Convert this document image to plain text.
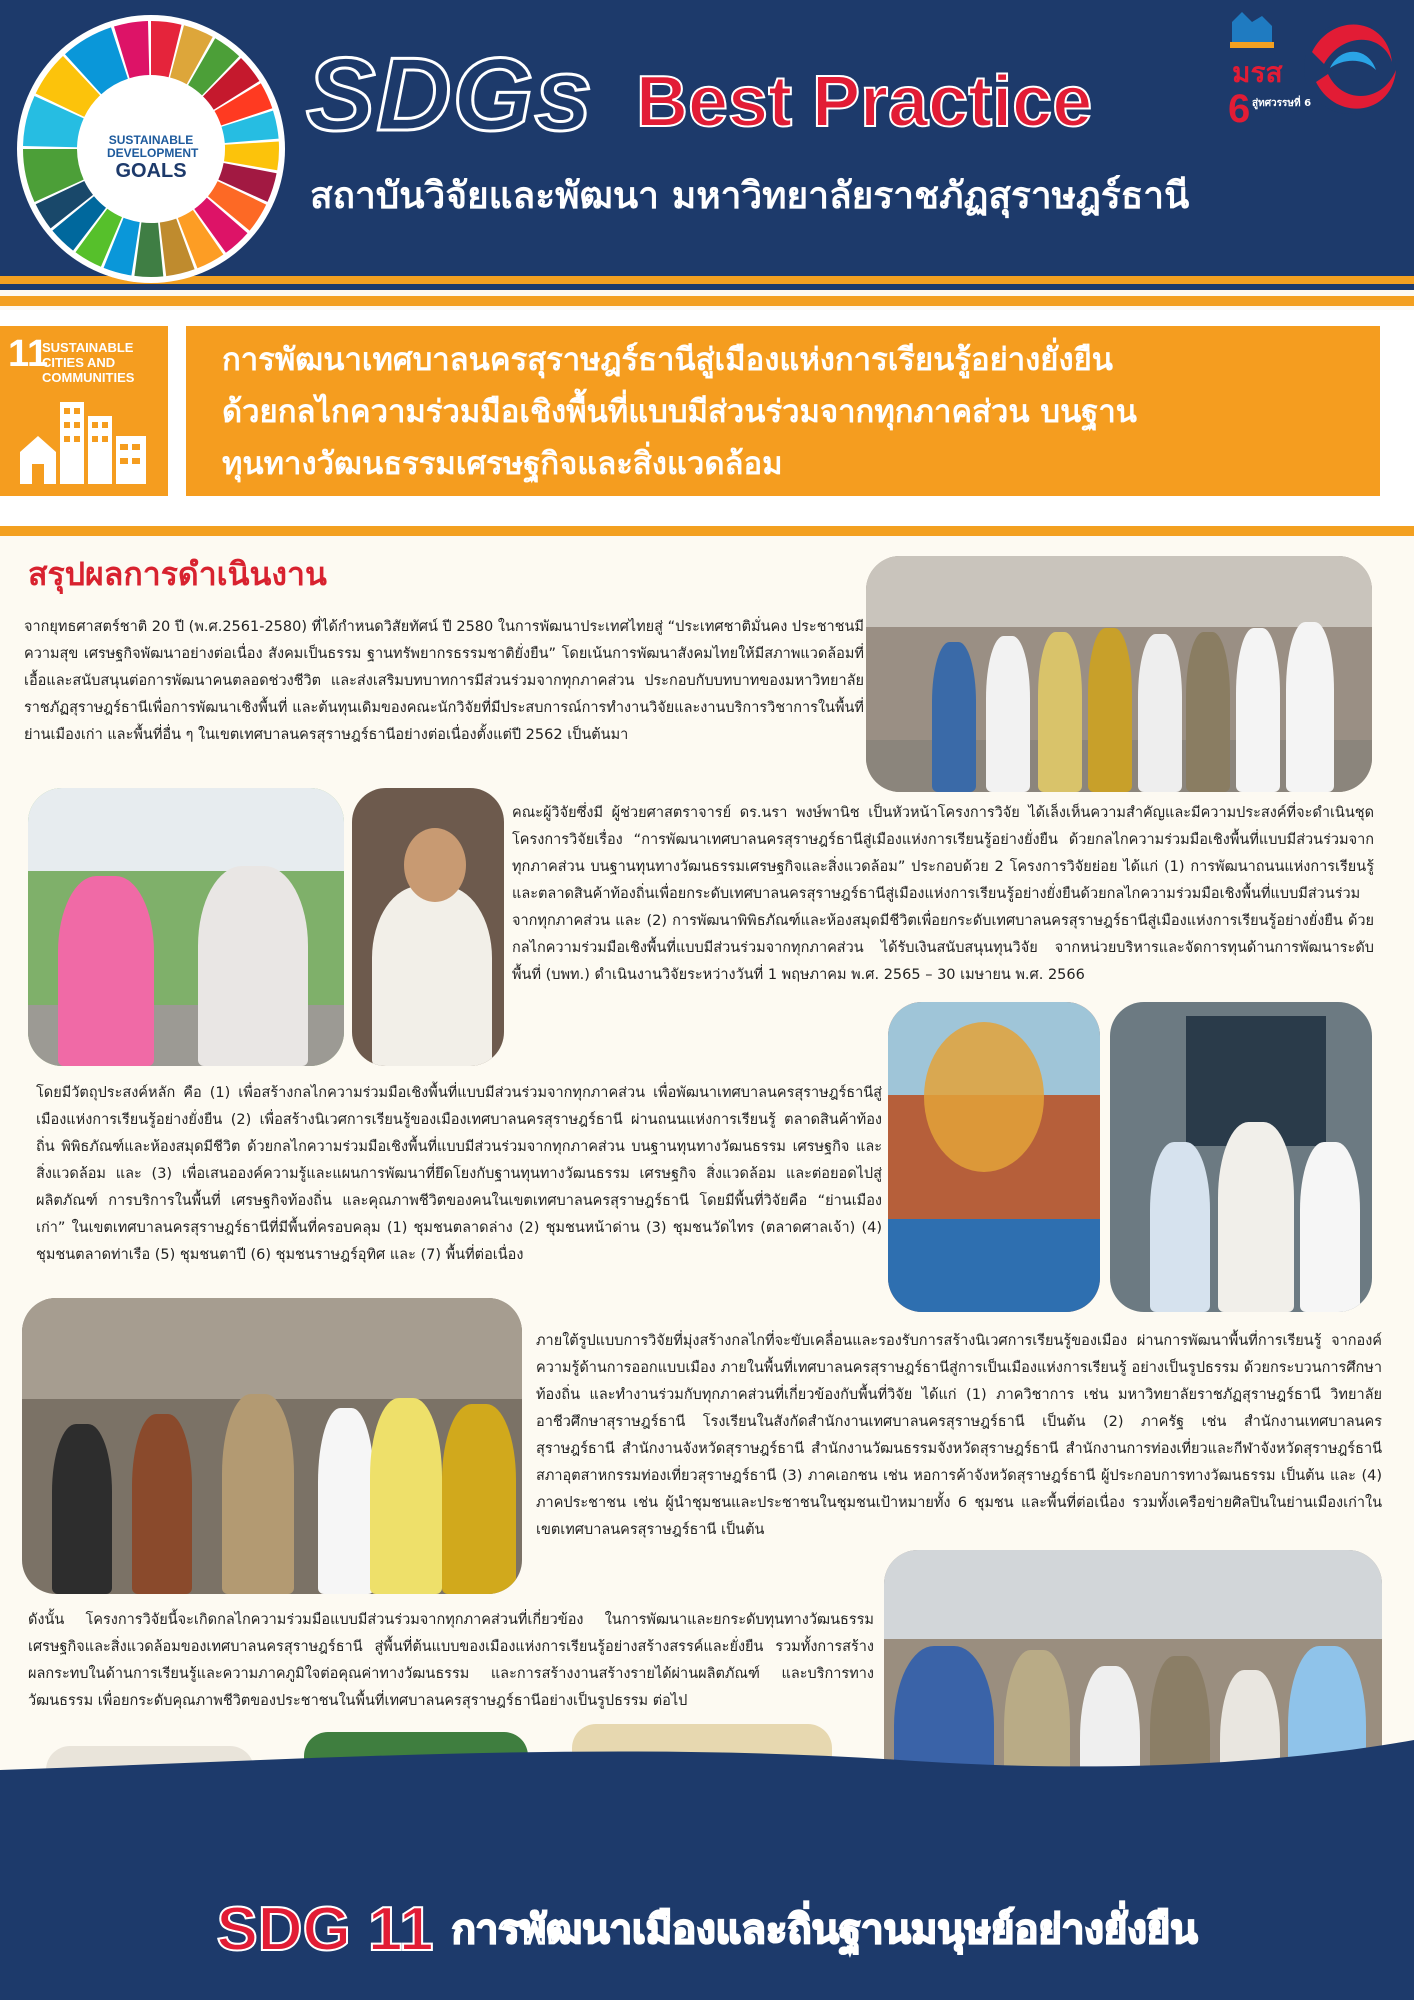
SUSTAINABLE
DEVELOPMENT
GOALS
SDGs Best Practice
สถาบันวิจัยและพัฒนา มหาวิทยาลัยราชภัฏสุราษฎร์ธานี
มรส
6 สู่ทศวรรษที่ 6
11
SUSTAINABLE CITIES AND COMMUNITIES	การพัฒนาเทศบาลนครสุราษฎร์ธานีสู่เมืองแห่งการเรียนรู้อย่างยั่งยืน

ด้วยกลไกความร่วมมือเชิงพื้นที่แบบมีส่วนร่วมจากทุกภาคส่วน บนฐาน

ทุนทางวัฒนธรรมเศรษฐกิจและสิ่งแวดล้อม

สรุปผลการดำเนินงาน
จากยุทธศาสตร์ชาติ 20 ปี (พ.ศ.2561-2580) ที่ได้กำหนดวิสัยทัศน์ ปี 2580 ในการพัฒนาประเทศไทยสู่ “ประเทศชาติมั่นคง ประชาชนมีความสุข เศรษฐกิจพัฒนาอย่างต่อเนื่อง สังคมเป็นธรรม ฐานทรัพยากรธรรมชาติยั่งยืน” โดยเน้นการพัฒนาสังคมไทยให้มีสภาพแวดล้อมที่เอื้อและสนับสนุนต่อการพัฒนาคนตลอดช่วงชีวิต และส่งเสริมบทบาทการมีส่วนร่วมจากทุกภาคส่วน ประกอบกับบทบาทของมหาวิทยาลัยราชภัฏสุราษฎร์ธานีเพื่อการพัฒนาเชิงพื้นที่ และต้นทุนเดิมของคณะนักวิจัยที่มีประสบการณ์การทำงานวิจัยและงานบริการวิชาการในพื้นที่ย่านเมืองเก่า และพื้นที่อื่น ๆ ในเขตเทศบาลนครสุราษฎร์ธานีอย่างต่อเนื่องตั้งแต่ปี 2562 เป็นต้นมา
คณะผู้วิจัยซึ่งมี ผู้ช่วยศาสตราจารย์ ดร.นรา พงษ์พานิช เป็นหัวหน้าโครงการวิจัย ได้เล็งเห็นความสำคัญและมีความประสงค์ที่จะดำเนินชุดโครงการวิจัยเรื่อง “การพัฒนาเทศบาลนครสุราษฎร์ธานีสู่เมืองแห่งการเรียนรู้อย่างยั่งยืน ด้วยกลไกความร่วมมือเชิงพื้นที่แบบมีส่วนร่วมจากทุกภาคส่วน บนฐานทุนทางวัฒนธรรมเศรษฐกิจและสิ่งแวดล้อม” ประกอบด้วย 2 โครงการวิจัยย่อย ได้แก่ (1) การพัฒนาถนนแห่งการเรียนรู้และตลาดสินค้าท้องถิ่นเพื่อยกระดับเทศบาลนครสุราษฎร์ธานีสู่เมืองแห่งการเรียนรู้อย่างยั่งยืนด้วยกลไกความร่วมมือเชิงพื้นที่แบบมีส่วนร่วมจากทุกภาคส่วน และ (2) การพัฒนาพิพิธภัณฑ์และห้องสมุดมีชีวิตเพื่อยกระดับเทศบาลนครสุราษฎร์ธานีสู่เมืองแห่งการเรียนรู้อย่างยั่งยืน ด้วยกลไกความร่วมมือเชิงพื้นที่แบบมีส่วนร่วมจากทุกภาคส่วน ได้รับเงินสนับสนุนทุนวิจัย จากหน่วยบริหารและจัดการทุนด้านการพัฒนาระดับพื้นที่ (บพท.) ดำเนินงานวิจัยระหว่างวันที่ 1 พฤษภาคม พ.ศ. 2565 – 30 เมษายน พ.ศ. 2566
โดยมีวัตถุประสงค์หลัก คือ (1) เพื่อสร้างกลไกความร่วมมือเชิงพื้นที่แบบมีส่วนร่วมจากทุกภาคส่วน เพื่อพัฒนาเทศบาลนครสุราษฎร์ธานีสู่เมืองแห่งการเรียนรู้อย่างยั่งยืน (2) เพื่อสร้างนิเวศการเรียนรู้ของเมืองเทศบาลนครสุราษฎร์ธานี ผ่านถนนแห่งการเรียนรู้ ตลาดสินค้าท้องถิ่น พิพิธภัณฑ์และห้องสมุดมีชีวิต ด้วยกลไกความร่วมมือเชิงพื้นที่แบบมีส่วนร่วมจากทุกภาคส่วน บนฐานทุนทางวัฒนธรรม เศรษฐกิจ และสิ่งแวดล้อม และ (3) เพื่อเสนอองค์ความรู้และแผนการพัฒนาที่ยึดโยงกับฐานทุนทางวัฒนธรรม เศรษฐกิจ สิ่งแวดล้อม และต่อยอดไปสู่ผลิตภัณฑ์ การบริการในพื้นที่ เศรษฐกิจท้องถิ่น และคุณภาพชีวิตของคนในเขตเทศบาลนครสุราษฎร์ธานี โดยมีพื้นที่วิจัยคือ “ย่านเมืองเก่า” ในเขตเทศบาลนครสุราษฎร์ธานีที่มีพื้นที่ครอบคลุม (1) ชุมชนตลาดล่าง (2) ชุมชนหน้าด่าน (3) ชุมชนวัดไทร (ตลาดศาลเจ้า) (4) ชุมชนตลาดท่าเรือ (5) ชุมชนตาปี (6) ชุมชนราษฎร์อุทิศ และ (7) พื้นที่ต่อเนื่อง
ภายใต้รูปแบบการวิจัยที่มุ่งสร้างกลไกที่จะขับเคลื่อนและรองรับการสร้างนิเวศการเรียนรู้ของเมือง ผ่านการพัฒนาพื้นที่การเรียนรู้ จากองค์ความรู้ด้านการออกแบบเมือง ภายในพื้นที่เทศบาลนครสุราษฎร์ธานีสู่การเป็นเมืองแห่งการเรียนรู้ อย่างเป็นรูปธรรม ด้วยกระบวนการศึกษาท้องถิ่น และทำงานร่วมกับทุกภาคส่วนที่เกี่ยวข้องกับพื้นที่วิจัย ได้แก่ (1) ภาควิชาการ เช่น มหาวิทยาลัยราชภัฏสุราษฎร์ธานี วิทยาลัยอาชีวศึกษาสุราษฎร์ธานี โรงเรียนในสังกัดสำนักงานเทศบาลนครสุราษฎร์ธานี เป็นต้น (2) ภาครัฐ เช่น สำนักงานเทศบาลนครสุราษฎร์ธานี สำนักงานจังหวัดสุราษฎร์ธานี สำนักงานวัฒนธรรมจังหวัดสุราษฎร์ธานี สำนักงานการท่องเที่ยวและกีฬาจังหวัดสุราษฎร์ธานี สภาอุตสาหกรรมท่องเที่ยวสุราษฎร์ธานี (3) ภาคเอกชน เช่น หอการค้าจังหวัดสุราษฎร์ธานี ผู้ประกอบการทางวัฒนธรรม เป็นต้น และ (4) ภาคประชาชน เช่น ผู้นำชุมชนและประชาชนในชุมชนเป้าหมายทั้ง 6 ชุมชน และพื้นที่ต่อเนื่อง รวมทั้งเครือข่ายศิลปินในย่านเมืองเก่าในเขตเทศบาลนครสุราษฎร์ธานี เป็นต้น
ดังนั้น โครงการวิจัยนี้จะเกิดกลไกความร่วมมือแบบมีส่วนร่วมจากทุกภาคส่วนที่เกี่ยวข้อง ในการพัฒนาและยกระดับทุนทางวัฒนธรรมเศรษฐกิจและสิ่งแวดล้อมของเทศบาลนครสุราษฎร์ธานี สู่พื้นที่ต้นแบบของเมืองแห่งการเรียนรู้อย่างสร้างสรรค์และยั่งยืน รวมทั้งการสร้างผลกระทบในด้านการเรียนรู้และความภาคภูมิใจต่อคุณค่าทางวัฒนธรรม และการสร้างงานสร้างรายได้ผ่านผลิตภัณฑ์ และบริการทางวัฒนธรรม เพื่อยกระดับคุณภาพชีวิตของประชาชนในพื้นที่เทศบาลนครสุราษฎร์ธานีอย่างเป็นรูปธรรม ต่อไป
SDG 11 การพัฒนาเมืองและถิ่นฐานมนุษย์อย่างยั่งยืน
